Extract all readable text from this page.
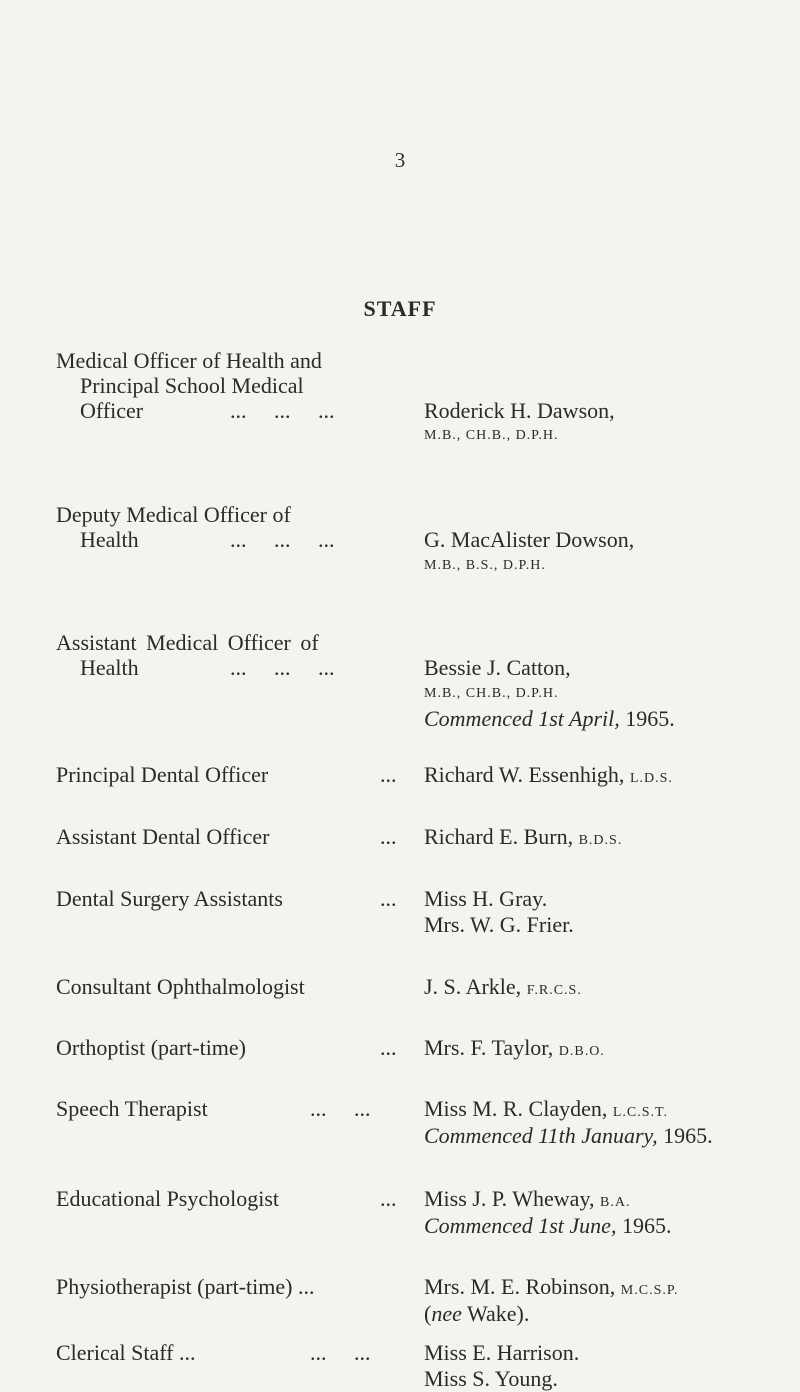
3
STAFF
Medical Officer of Health and
Principal School Medical
Officer	... ... ...	Roderick H. Dawson,
M.B., CH.B., D.P.H.
Deputy Medical Officer of
Health	... ... ...	G. MacAlister Dowson,
M.B., B.S., D.P.H.
Assistant Medical Officer of
Health	... ... ...	Bessie J. Catton,
M.B., CH.B., D.P.H.
Commenced 1st April, 1965.
Principal Dental Officer	... Richard W. Essenhigh, L.D.S.
Assistant Dental Officer	... Richard E. Burn, B.D.S.
Dental Surgery Assistants	... Miss H. Gray.
Mrs. W. G. Frier.
Consultant Ophthalmologist	J. S. Arkle, F.R.C.S.
Orthoptist (part-time)	... Mrs. F. Taylor, D.B.O.
Speech Therapist	... ... Miss M. R. Clayden, L.C.S.T.
Commenced 11th January, 1965.
Educational Psychologist	... Miss J. P. Wheway, B.A.
Commenced 1st June, 1965.
Physiotherapist (part-time) ...	Mrs. M. E. Robinson, M.C.S.P.
(nee Wake).
Clerical Staff ...	... ... Miss E. Harrison.
Miss S. Young.
